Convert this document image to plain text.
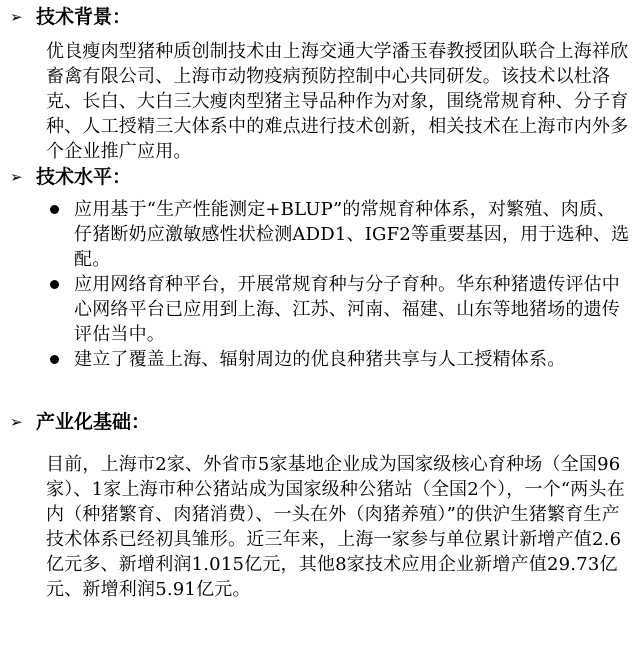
➢ 技术背景：
优良瘦肉型猪种质创制技术由上海交通大学潘玉春教授团队联合上海祥欣畜禽有限公司、上海市动物疫病预防控制中心共同研发。该技术以杜洛克、长白、大白三大瘦肉型猪主导品种作为对象，围绕常规育种、分子育种、人工授精三大体系中的难点进行技术创新，相关技术在上海市内外多个企业推广应用。
➢ 技术水平：
应用基于“生产性能测定+BLUP”的常规育种体系，对繁殖、肉质、仔猪断奶应激敏感性状检测ADD1、IGF2等重要基因，用于选种、选配。
应用网络育种平台，开展常规育种与分子育种。华东种猪遗传评估中心网络平台已应用到上海、江苏、河南、福建、山东等地猪场的遗传评估当中。
建立了覆盖上海、辐射周边的优良种猪共享与人工授精体系。
➢ 产业化基础：
目前，上海市2家、外省市5家基地企业成为国家级核心育种场（全国96家）、1家上海市种公猪站成为国家级种公猪站（全国2个），一个“两头在内（种猪繁育、肉猪消费）、一头在外（肉猪养殖）”的供沪生猪繁育生产技术体系已经初具雏形。近三年来，上海一家参与单位累计新增产值2.6亿元多、新增利润1.015亿元，其他8家技术应用企业新增产值29.73亿元、新增利润5.91亿元。
